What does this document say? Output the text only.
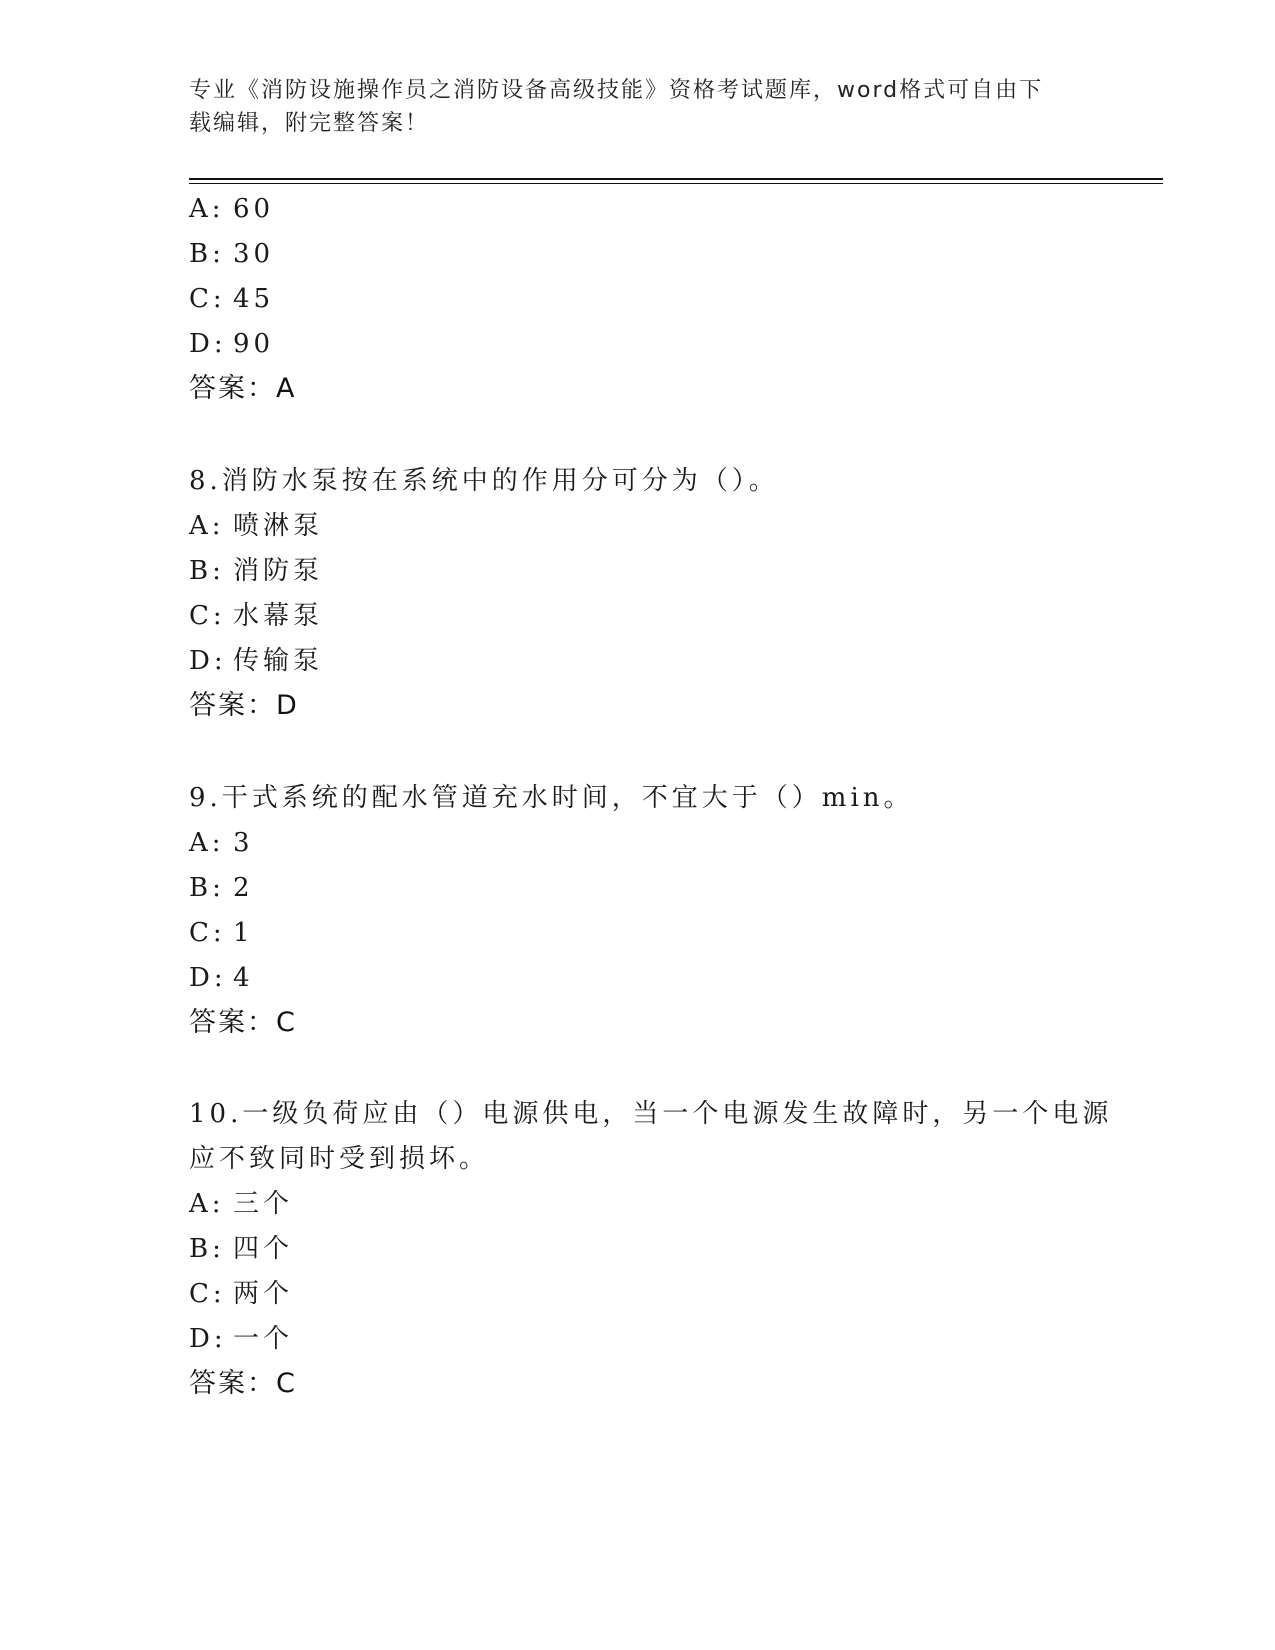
专业《消防设施操作员之消防设备高级技能》资格考试题库，word格式可自由下
载编辑，附完整答案！
A: 60
B: 30
C: 45
D: 90
答案：A
8.消防水泵按在系统中的作用分可分为（）。
A: 喷淋泵
B: 消防泵
C: 水幕泵
D: 传输泵
答案：D
9.干式系统的配水管道充水时间，不宜大于（）min。
A: 3
B: 2
C: 1
D: 4
答案：C
10.一级负荷应由（）电源供电，当一个电源发生故障时，另一个电源
应不致同时受到损坏。
A: 三个
B: 四个
C: 两个
D: 一个
答案：C
